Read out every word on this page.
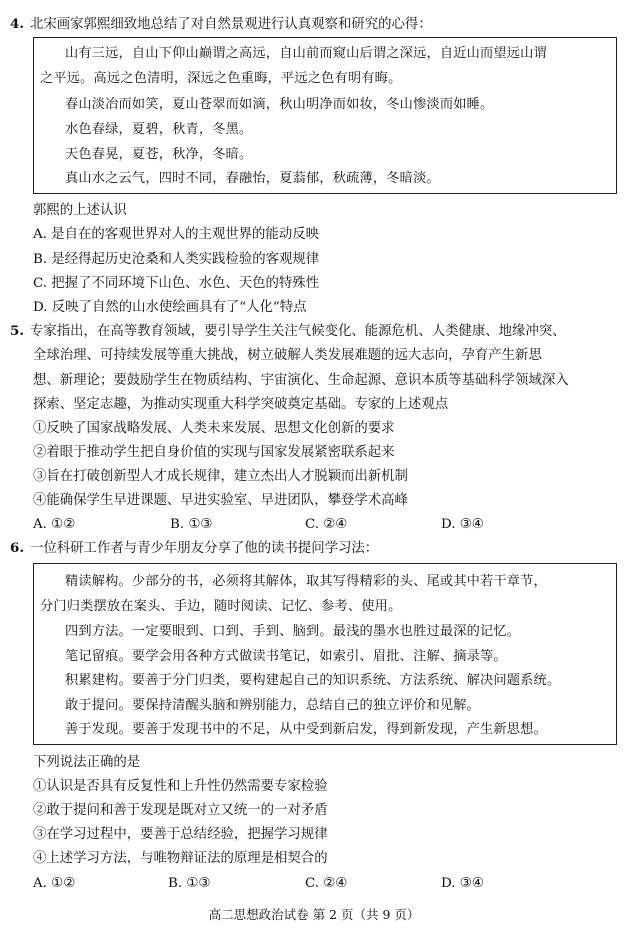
4. 北宋画家郭熙细致地总结了对自然景观进行认真观察和研究的心得：
山有三远，自山下仰山巅谓之高远，自山前而窥山后谓之深远，自近山而望远山谓
之平远。高远之色清明，深远之色重晦，平远之色有明有晦。
春山淡冶而如笑，夏山苍翠而如滴，秋山明净而如妆，冬山惨淡而如睡。
水色春绿，夏碧，秋青，冬黑。
天色春晃，夏苍，秋净，冬暗。
真山水之云气，四时不同，春融怡，夏蓊郁，秋疏薄，冬暗淡。
郭熙的上述认识
A. 是自在的客观世界对人的主观世界的能动反映
B. 是经得起历史沧桑和人类实践检验的客观规律
C. 把握了不同环境下山色、水色、天色的特殊性
D. 反映了自然的山水使绘画具有了“人化”特点
5. 专家指出，在高等教育领域，要引导学生关注气候变化、能源危机、人类健康、地缘冲突、
全球治理、可持续发展等重大挑战，树立破解人类发展难题的远大志向，孕育产生新思
想、新理论；要鼓励学生在物质结构、宇宙演化、生命起源、意识本质等基础科学领域深入
探索、坚定志趣，为推动实现重大科学突破奠定基础。专家的上述观点
①反映了国家战略发展、人类未来发展、思想文化创新的要求
②着眼于推动学生把自身价值的实现与国家发展紧密联系起来
③旨在打破创新型人才成长规律，建立杰出人才脱颖而出新机制
④能确保学生早进课题、早进实验室、早进团队，攀登学术高峰
A. ①②	B. ①③	C. ②④	D. ③④
6. 一位科研工作者与青少年朋友分享了他的读书提问学习法：
精读解构。少部分的书，必须将其解体，取其写得精彩的头、尾或其中若干章节，
分门归类摆放在案头、手边，随时阅读、记忆、参考、使用。
四到方法。一定要眼到、口到、手到、脑到。最浅的墨水也胜过最深的记忆。
笔记留痕。要学会用各种方式做读书笔记，如索引、眉批、注解、摘录等。
积累建构。要善于分门归类，要构建起自己的知识系统、方法系统、解决问题系统。
敢于提问。要保持清醒头脑和辨别能力，总结自己的独立评价和见解。
善于发现。要善于发现书中的不足，从中受到新启发，得到新发现，产生新思想。
下列说法正确的是
①认识是否具有反复性和上升性仍然需要专家检验
②敢于提问和善于发现是既对立又统一的一对矛盾
③在学习过程中，要善于总结经验，把握学习规律
④上述学习方法，与唯物辩证法的原理是相契合的
A. ①②	B. ①③	C. ②④	D. ③④
高二思想政治试卷 第 2 页（共 9 页）
